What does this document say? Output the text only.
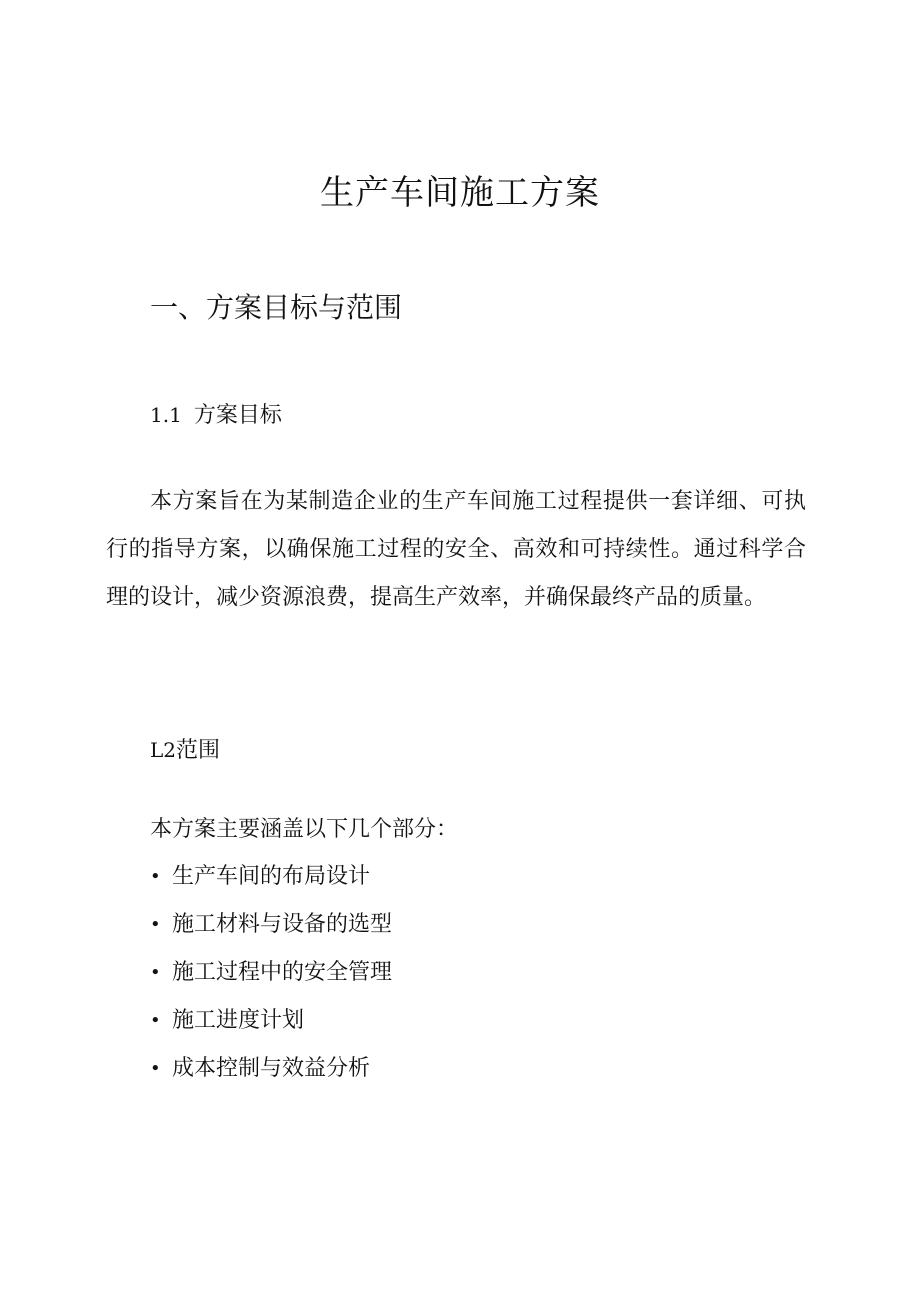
生产车间施工方案
一、方案目标与范围
1.1 方案目标

本方案旨在为某制造企业的生产车间施工过程提供一套详细、可执行的指导方案，以确保施工过程的安全、高效和可持续性。通过科学合理的设计，减少资源浪费，提高生产效率，并确保最终产品的质量。

L2范围

本方案主要涵盖以下几个部分：

• 生产车间的布局设计
• 施工材料与设备的选型
• 施工过程中的安全管理
• 施工进度计划
• 成本控制与效益分析
